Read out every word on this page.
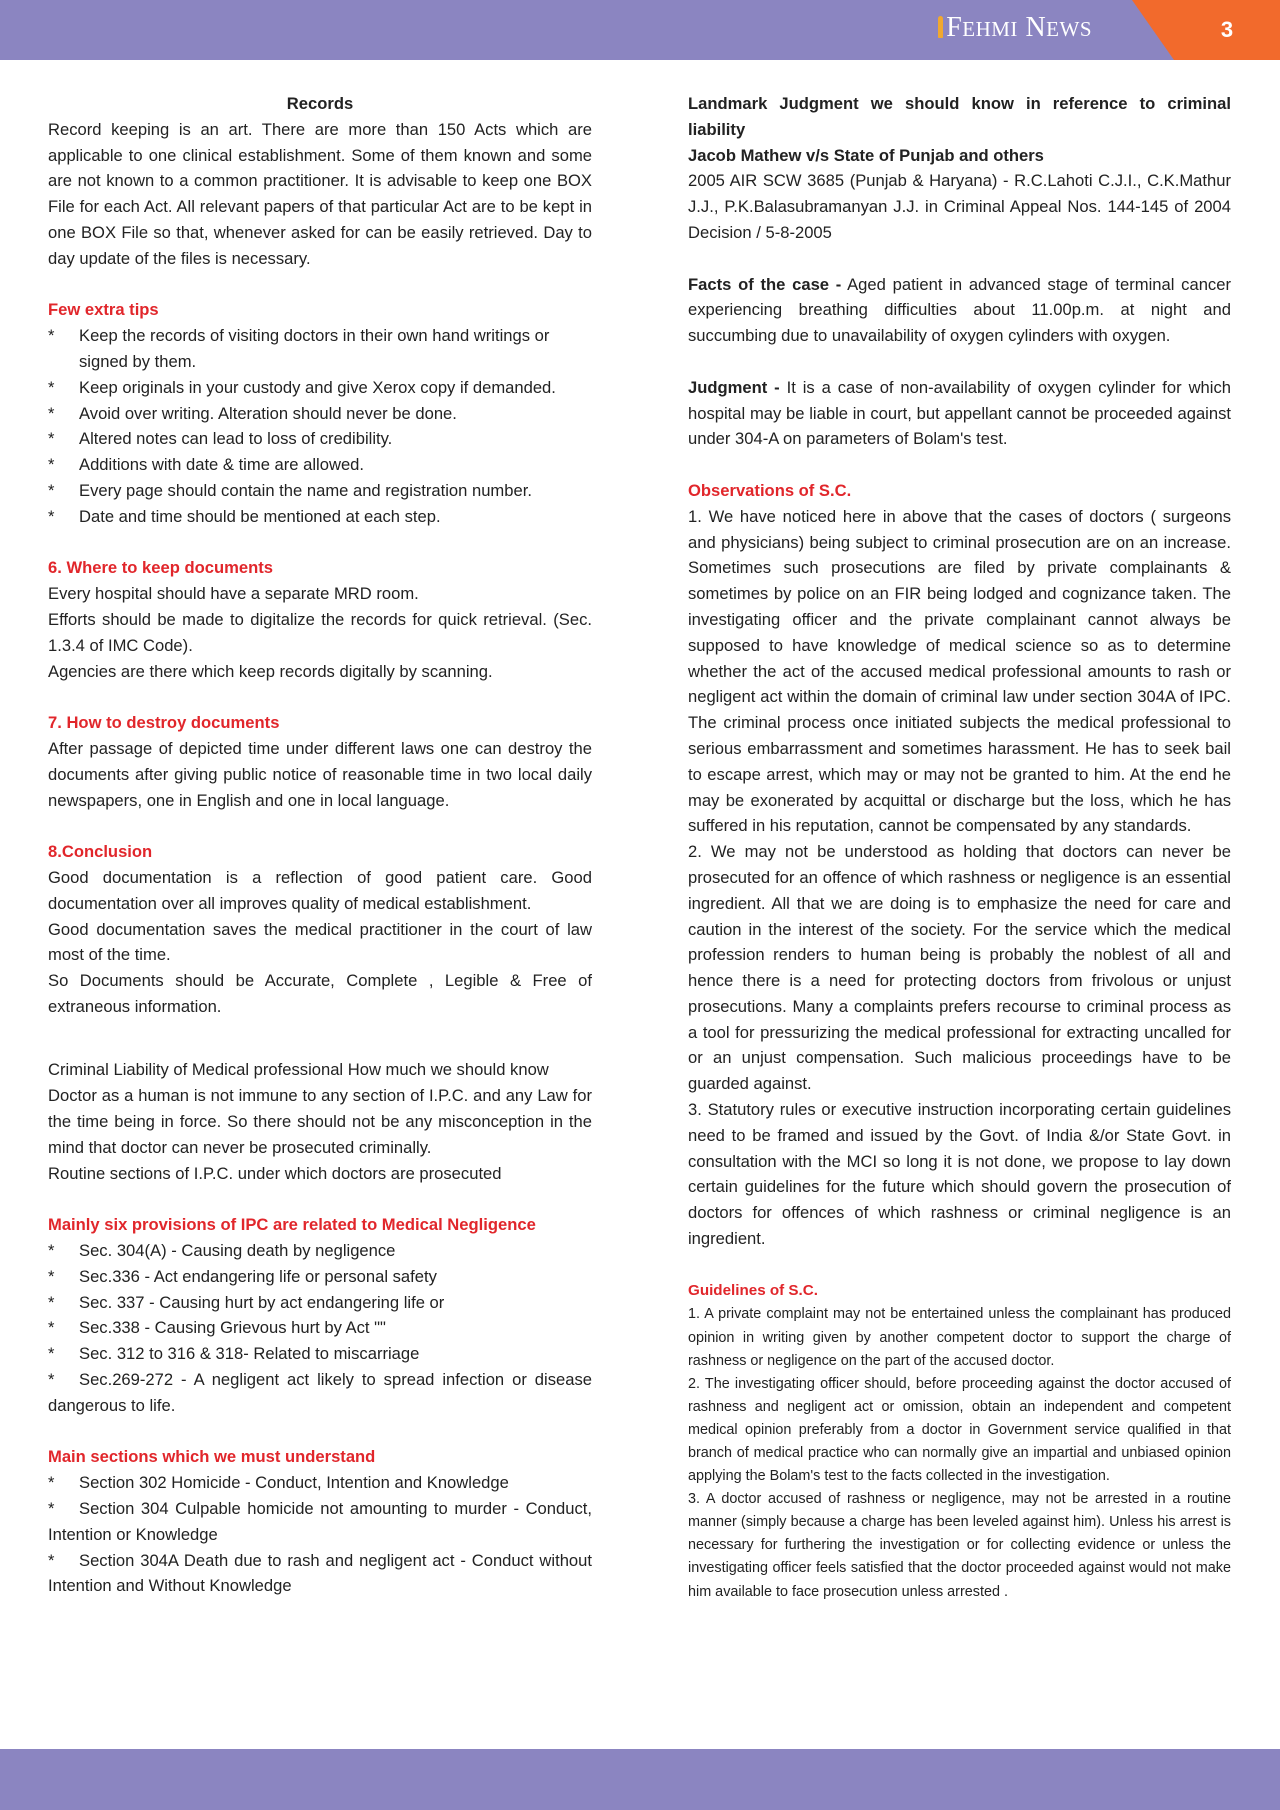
FEHMI NEWS	3

Records

Record keeping is an art. There are more than 150 Acts which are applicable to one clinical establishment. Some of them known and some are not known to a common practitioner. It is advisable to keep one BOX File for each Act. All relevant papers of that particular Act are to be kept in one BOX File so that, whenever asked for can be easily retrieved. Day to day update of the files is necessary.

Few extra tips

* Keep the records of visiting doctors in their own hand writings or signed by them.
* Keep originals in your custody and give Xerox copy if demanded.
* Avoid over writing. Alteration should never be done.
* Altered notes can lead to loss of credibility.
* Additions with date & time are allowed.
* Every page should contain the name and registration number.
* Date and time should be mentioned at each step.

6. Where to keep documents

Every hospital should have a separate MRD room.

Efforts should be made to digitalize the records for quick retrieval. (Sec. 1.3.4 of IMC Code).

Agencies are there which keep records digitally by scanning.

7. How to destroy documents

After passage of depicted time under different laws one can destroy the documents after giving public notice of reasonable time in two local daily newspapers, one in English and one in local language.

8.Conclusion

Good documentation is a reflection of good patient care. Good documentation over all improves quality of medical establishment.

Good documentation saves the medical practitioner in the court of law most of the time.

So Documents should be Accurate, Complete , Legible & Free of extraneous information.

Criminal Liability of Medical professional How much we should know

Doctor as a human is not immune to any section of I.P.C. and any Law for the time being in force. So there should not be any misconception in the mind that doctor can never be prosecuted criminally.

Routine sections of I.P.C. under which doctors are prosecuted

Mainly six provisions of IPC are related to Medical Negligence

* Sec. 304(A) - Causing death by negligence
* Sec.336 - Act endangering life or personal safety
* Sec. 337 - Causing hurt by act endangering life or
* Sec.338 - Causing Grievous hurt by Act ""
* Sec. 312 to 316 & 318- Related to miscarriage
* Sec.269-272 - A negligent act likely to spread infection or disease dangerous to life.

Main sections which we must understand

* Section 302 Homicide - Conduct, Intention and Knowledge
* Section 304 Culpable homicide not amounting to murder - Conduct, Intention or Knowledge
* Section 304A Death due to rash and negligent act - Conduct without Intention and Without Knowledge

Landmark Judgment we should know in reference to criminal liability

Jacob Mathew v/s State of Punjab and others

2005 AIR SCW 3685 (Punjab & Haryana) - R.C.Lahoti C.J.I., C.K.Mathur J.J., P.K.Balasubramanyan J.J. in Criminal Appeal Nos. 144-145 of 2004 Decision / 5-8-2005

Facts of the case - Aged patient in advanced stage of terminal cancer experiencing breathing difficulties about 11.00p.m. at night and succumbing due to unavailability of oxygen cylinders with oxygen.

Judgment - It is a case of non-availability of oxygen cylinder for which hospital may be liable in court, but appellant cannot be proceeded against under 304-A on parameters of Bolam's test.

Observations of S.C.

1. We have noticed here in above that the cases of doctors ( surgeons and physicians) being subject to criminal prosecution are on an increase. Sometimes such prosecutions are filed by private complainants & sometimes by police on an FIR being lodged and cognizance taken. The investigating officer and the private complainant cannot always be supposed to have knowledge of medical science so as to determine whether the act of the accused medical professional amounts to rash or negligent act within the domain of criminal law under section 304A of IPC. The criminal process once initiated subjects the medical professional to serious embarrassment and sometimes harassment. He has to seek bail to escape arrest, which may or may not be granted to him. At the end he may be exonerated by acquittal or discharge but the loss, which he has suffered in his reputation, cannot be compensated by any standards.

2. We may not be understood as holding that doctors can never be prosecuted for an offence of which rashness or negligence is an essential ingredient. All that we are doing is to emphasize the need for care and caution in the interest of the society. For the service which the medical profession renders to human being is probably the noblest of all and hence there is a need for protecting doctors from frivolous or unjust prosecutions. Many a complaints prefers recourse to criminal process as a tool for pressurizing the medical professional for extracting uncalled for or an unjust compensation. Such malicious proceedings have to be guarded against.

3. Statutory rules or executive instruction incorporating certain guidelines need to be framed and issued by the Govt. of India &/or State Govt. in consultation with the MCI so long it is not done, we propose to lay down certain guidelines for the future which should govern the prosecution of doctors for offences of which rashness or criminal negligence is an ingredient.

Guidelines of S.C.

1. A private complaint may not be entertained unless the complainant has produced opinion in writing given by another competent doctor to support the charge of rashness or negligence on the part of the accused doctor.

2. The investigating officer should, before proceeding against the doctor accused of rashness and negligent act or omission, obtain an independent and competent medical opinion preferably from a doctor in Government service qualified in that branch of medical practice who can normally give an impartial and unbiased opinion applying the Bolam's test to the facts collected in the investigation.

3. A doctor accused of rashness or negligence, may not be arrested in a routine manner (simply because a charge has been leveled against him). Unless his arrest is necessary for furthering the investigation or for collecting evidence or unless the investigating officer feels satisfied that the doctor proceeded against would not make him available to face prosecution unless arrested .
